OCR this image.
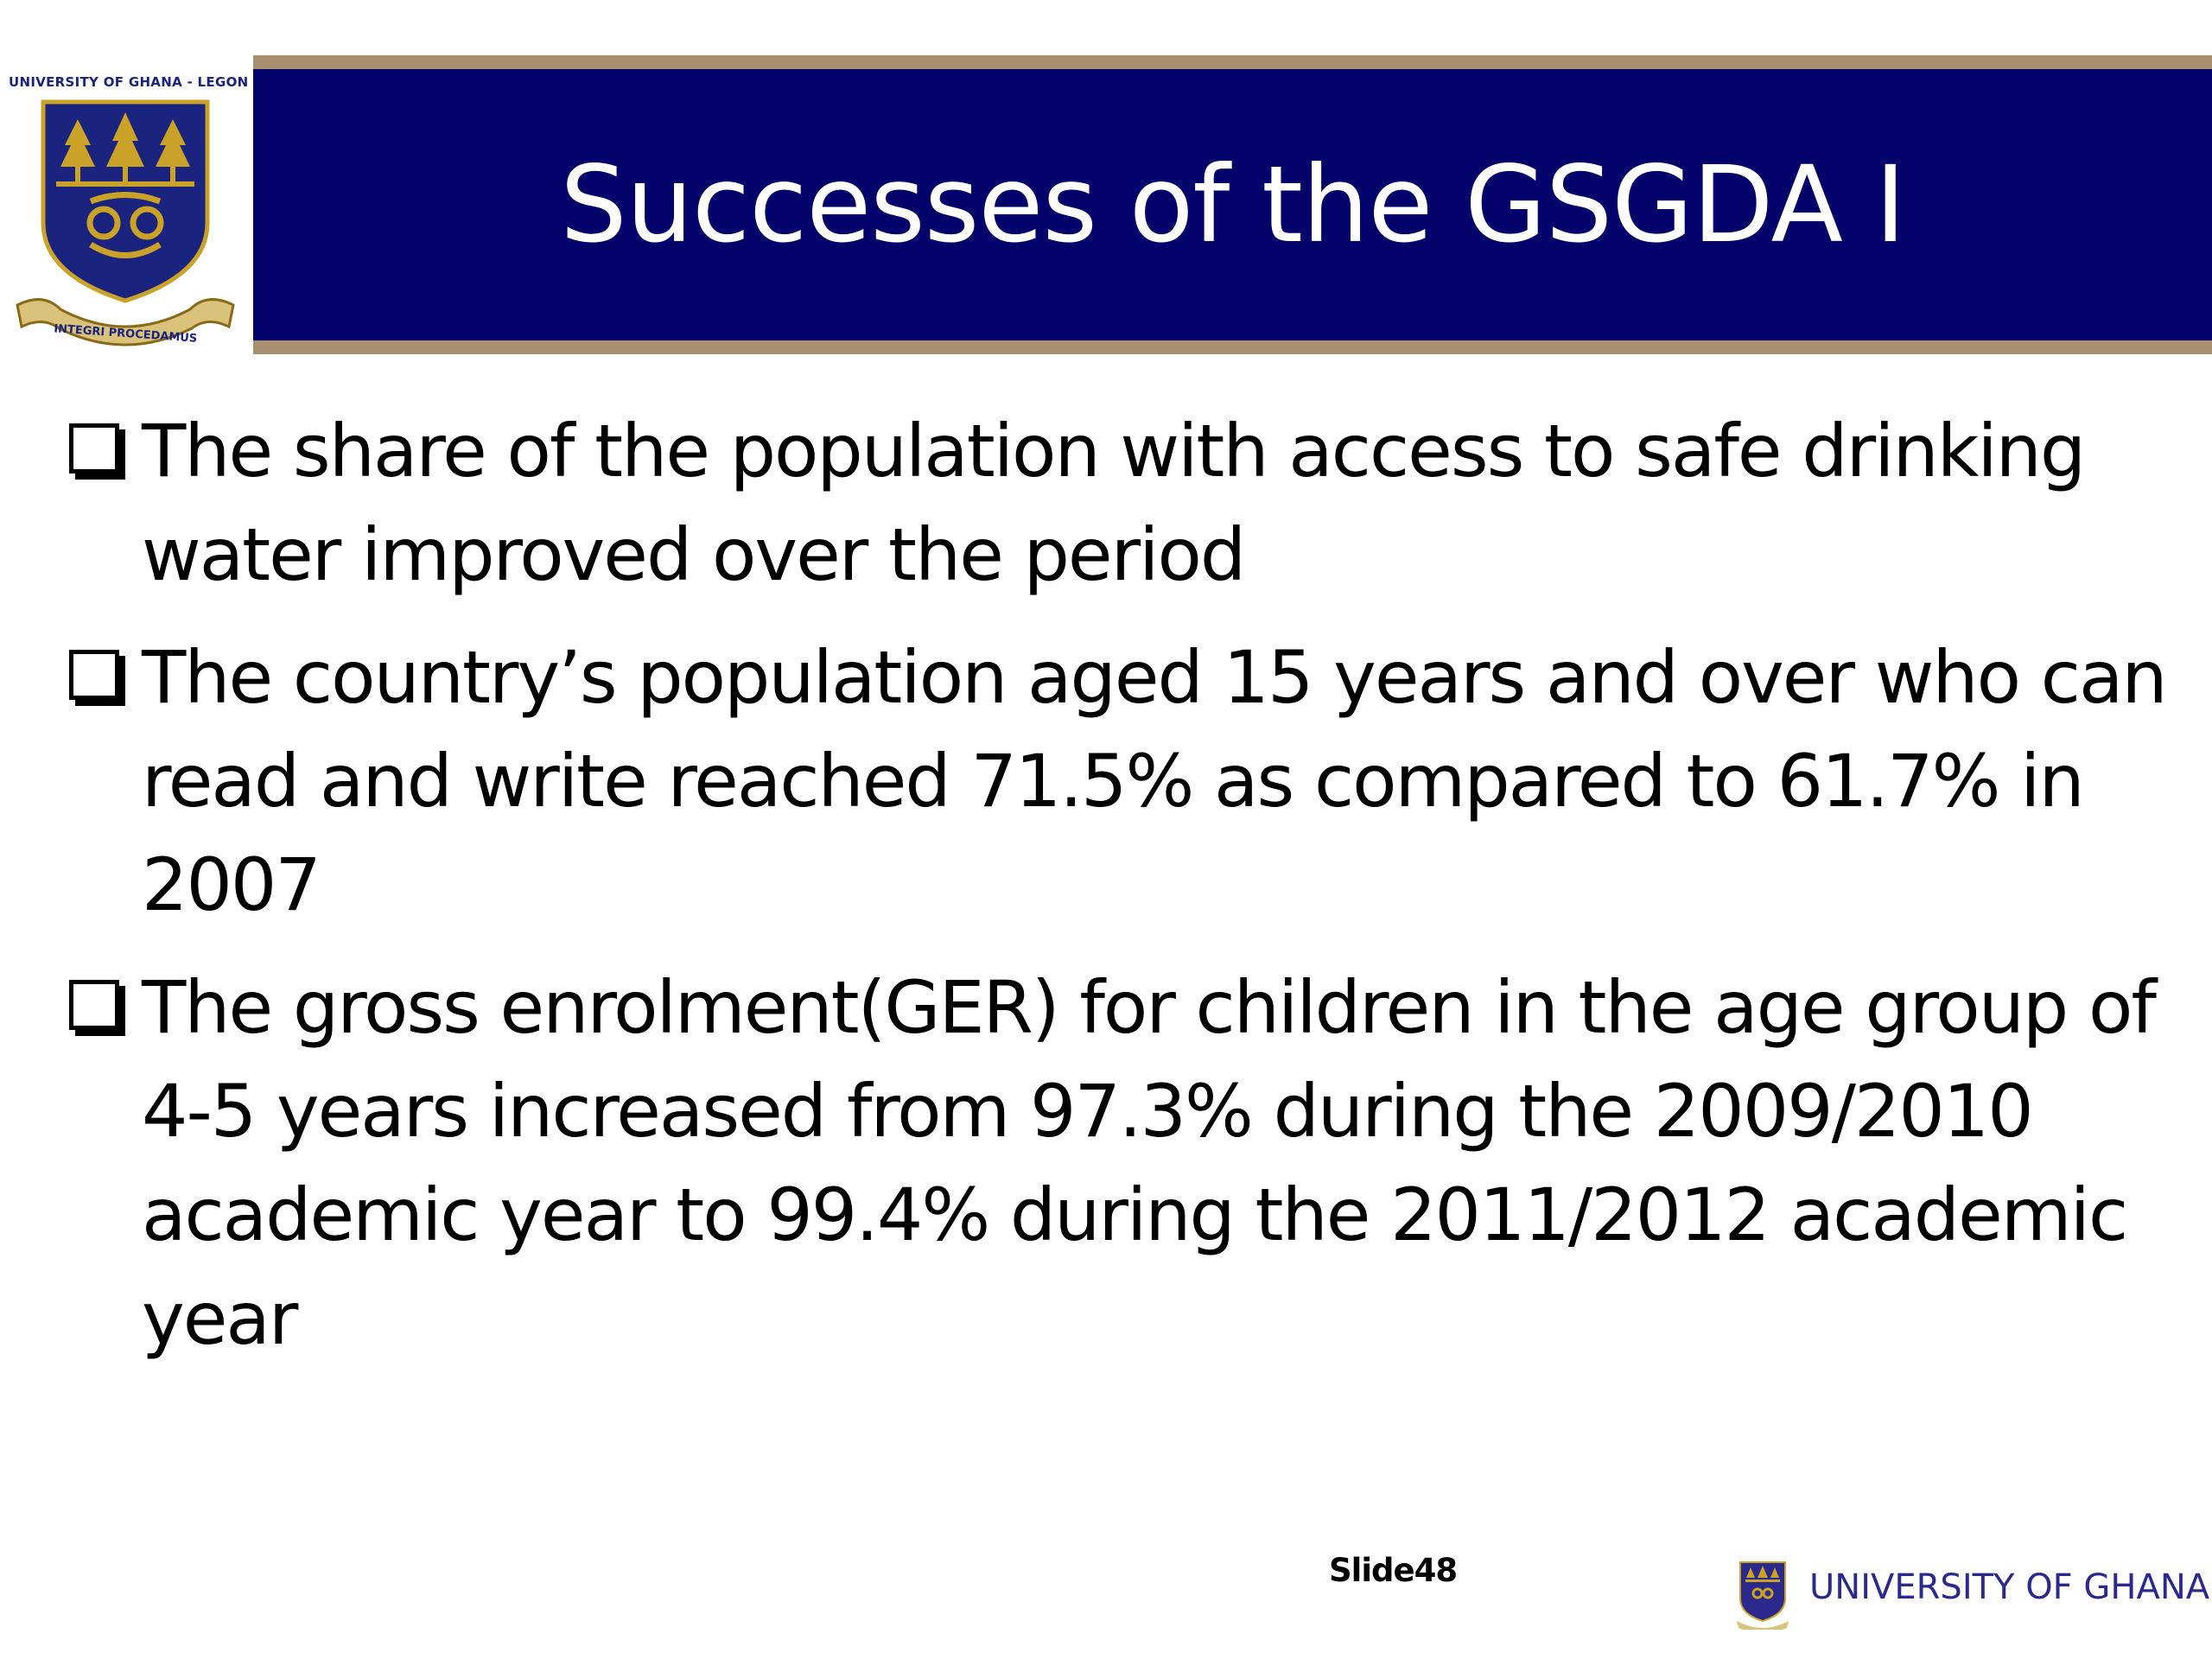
UNIVERSITY OF GHANA - LEGON
INTEGRI PROCEDAMUS
Successes of the GSGDA I
The share of the population with access to safe drinking water improved over the period
The country’s population aged 15 years and over who can read and write reached 71.5% as compared to 61.7% in 2007
The gross enrolment(GER) for children in the age group of 4-5 years increased from 97.3% during the 2009/2010 academic year to 99.4% during the 2011/2012 academic year
Slide48	UNIVERSITY OF GHANA
